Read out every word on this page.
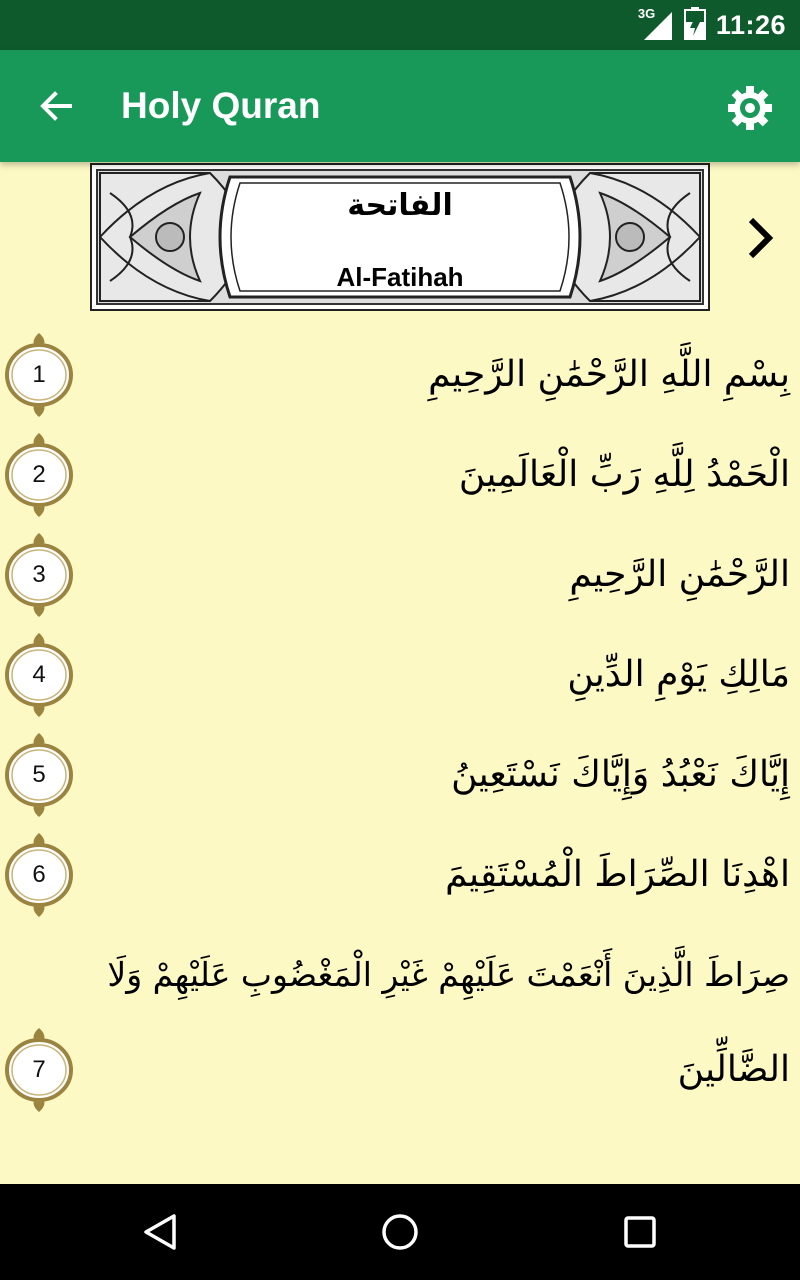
3G 11:26
Holy Quran
الفاتحة
Al-Fatihah
1	بِسْمِ اللَّهِ الرَّحْمَٰنِ الرَّحِيمِ
2	الْحَمْدُ لِلَّهِ رَبِّ الْعَالَمِينَ
3	الرَّحْمَٰنِ الرَّحِيمِ
4	مَالِكِ يَوْمِ الدِّينِ
5	إِيَّاكَ نَعْبُدُ وَإِيَّاكَ نَسْتَعِينُ
6	اهْدِنَا الصِّرَاطَ الْمُسْتَقِيمَ
صِرَاطَ الَّذِينَ أَنْعَمْتَ عَلَيْهِمْ غَيْرِ الْمَغْضُوبِ عَلَيْهِمْ وَلَا
7	الضَّالِّينَ
